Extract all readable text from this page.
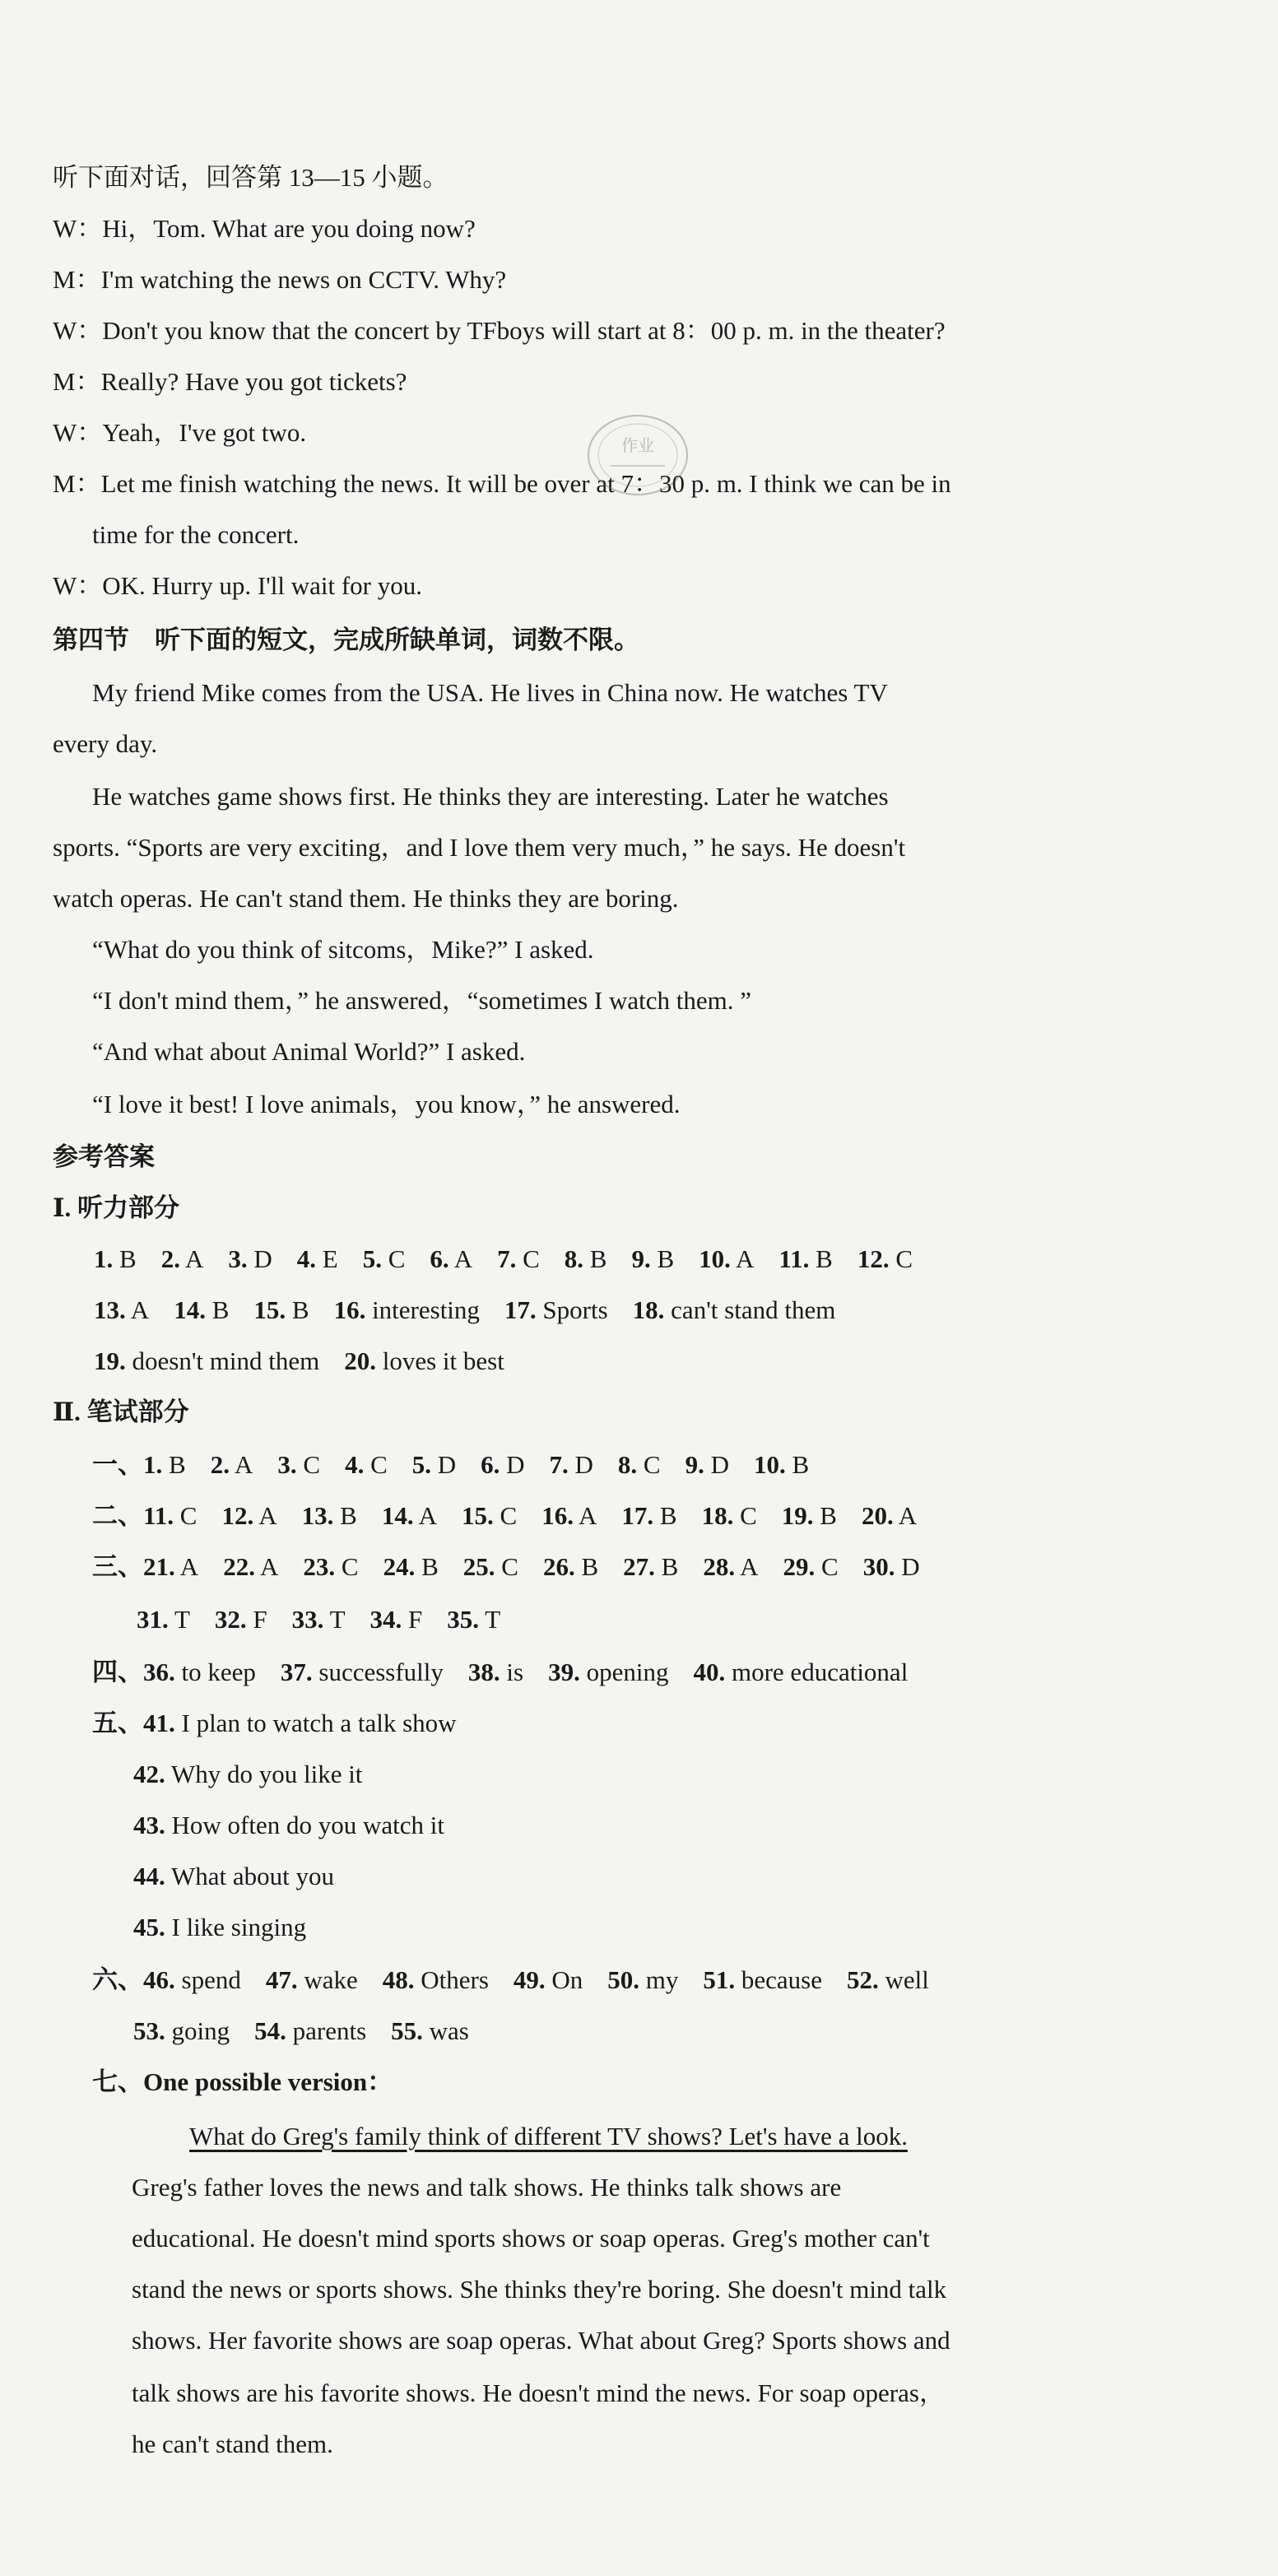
听下面对话，回答第 13—15 小题。
W：Hi，Tom. What are you doing now?
M：I'm watching the news on CCTV. Why?
W：Don't you know that the concert by TFboys will start at 8：00 p. m. in the theater?
M：Really? Have you got tickets?
W：Yeah，I've got two.
M：Let me finish watching the news. It will be over at 7：30 p. m. I think we can be in
time for the concert.
W：OK. Hurry up. I'll wait for you.
作业
第四节　听下面的短文，完成所缺单词，词数不限。
My friend Mike comes from the USA. He lives in China now. He watches TV
every day.
He watches game shows first. He thinks they are interesting. Later he watches
sports. “Sports are very exciting，and I love them very much，” he says. He doesn't
watch operas. He can't stand them. He thinks they are boring.
“What do you think of sitcoms，Mike?” I asked.
“I don't mind them，” he answered，“sometimes I watch them. ”
“And what about Animal World?” I asked.
“I love it best! I love animals，you know，” he answered.
参考答案
Ⅰ. 听力部分
1. B 2. A 3. D 4. E 5. C 6. A 7. C 8. B 9. B 10. A 11. B 12. C
13. A 14. B 15. B 16. interesting 17. Sports 18. can't stand them
19. doesn't mind them 20. loves it best
Ⅱ. 笔试部分
一、1. B 2. A 3. C 4. C 5. D 6. D 7. D 8. C 9. D 10. B
二、11. C 12. A 13. B 14. A 15. C 16. A 17. B 18. C 19. B 20. A
三、21. A 22. A 23. C 24. B 25. C 26. B 27. B 28. A 29. C 30. D
31. T 32. F 33. T 34. F 35. T
四、36. to keep 37. successfully 38. is 39. opening 40. more educational
五、41. I plan to watch a talk show
42. Why do you like it
43. How often do you watch it
44. What about you
45. I like singing
六、46. spend 47. wake 48. Others 49. On 50. my 51. because 52. well
53. going 54. parents 55. was
七、One possible version：
What do Greg's family think of different TV shows? Let's have a look.
Greg's father loves the news and talk shows. He thinks talk shows are
educational. He doesn't mind sports shows or soap operas. Greg's mother can't
stand the news or sports shows. She thinks they're boring. She doesn't mind talk
shows. Her favorite shows are soap operas. What about Greg? Sports shows and
talk shows are his favorite shows. He doesn't mind the news. For soap operas，
he can't stand them.
